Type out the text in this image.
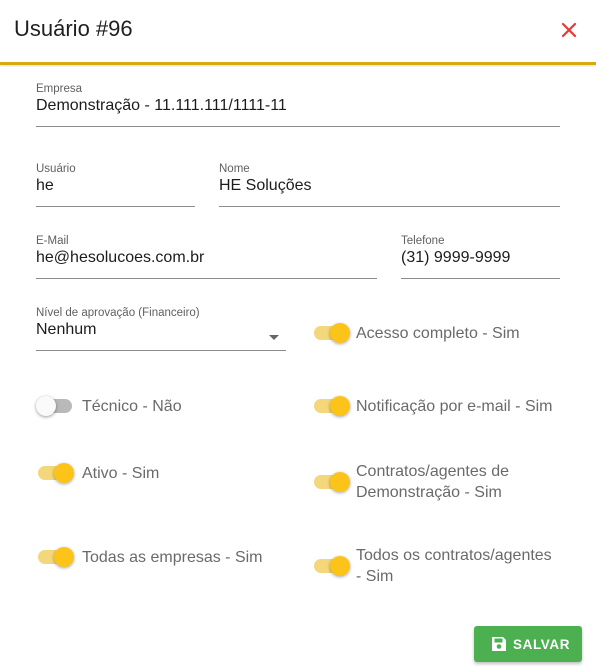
Usuário #96
Empresa
Demonstração - 11.111.111/1111-11
Usuário
he
Nome
HE Soluções
E-Mail
he@hesolucoes.com.br
Telefone
(31) 9999-9999
Nível de aprovação (Financeiro)
Nenhum	Acesso completo - Sim
Técnico - Não	Notificação por e-mail - Sim
Ativo - Sim	Contratos/agentes de
Demonstração - Sim
Todas as empresas - Sim	Todos os contratos/agentes
- Sim
SALVAR
